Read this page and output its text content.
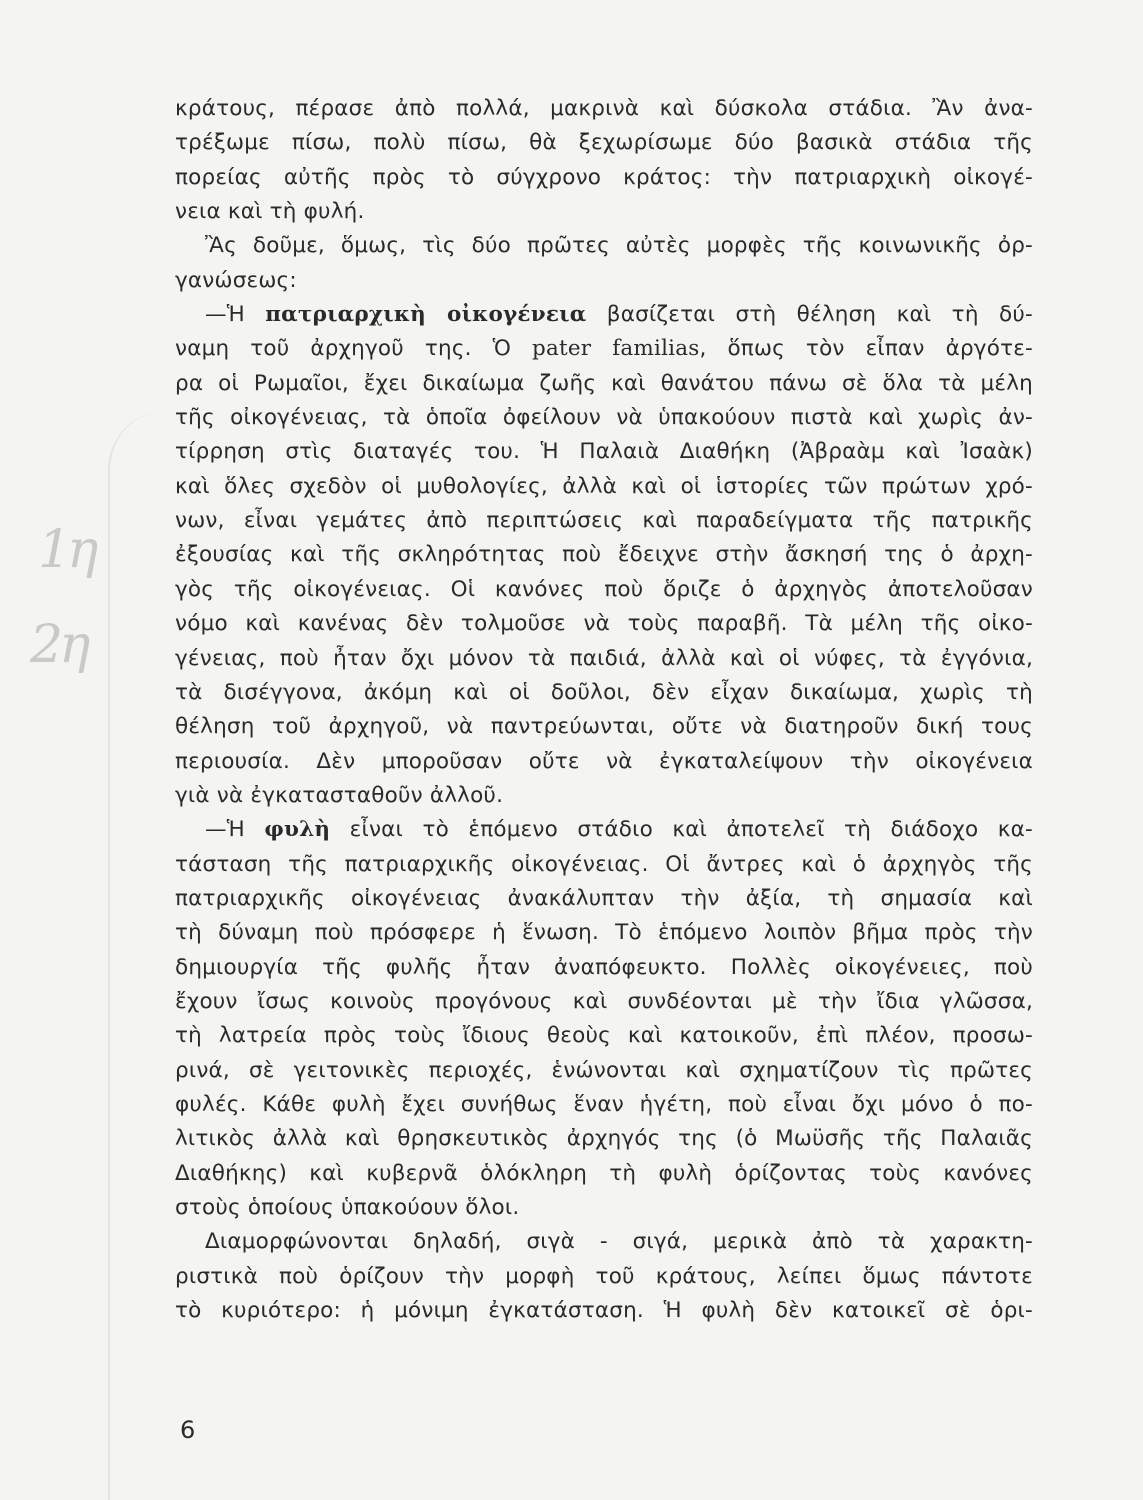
1η
2η
κράτους, πέρασε ἀπὸ πολλά, μακρινὰ καὶ δύσκολα στάδια. Ἂν ἀνα-
τρέξωμε πίσω, πολὺ πίσω, θὰ ξεχωρίσωμε δύο βασικὰ στάδια τῆς
πορείας αὐτῆς πρὸς τὸ σύγχρονο κράτος: τὴν πατριαρχικὴ οἰκογέ-
νεια καὶ τὴ φυλή.
Ἂς δοῦμε, ὅμως, τὶς δύο πρῶτες αὐτὲς μορφὲς τῆς κοινωνικῆς ὀρ-
γανώσεως:
—Ἡ πατριαρχικὴ οἰκογένεια βασίζεται στὴ θέληση καὶ τὴ δύ-
ναμη τοῦ ἀρχηγοῦ της. Ὁ pater familias, ὅπως τὸν εἶπαν ἀργότε-
ρα οἱ Ρωμαῖοι, ἔχει δικαίωμα ζωῆς καὶ θανάτου πάνω σὲ ὅλα τὰ μέλη
τῆς οἰκογένειας, τὰ ὁποῖα ὀφείλουν νὰ ὑπακούουν πιστὰ καὶ χωρὶς ἀν-
τίρρηση στὶς διαταγές του. Ἡ Παλαιὰ Διαθήκη (Ἀβραὰμ καὶ Ἰσαὰκ)
καὶ ὅλες σχεδὸν οἱ μυθολογίες, ἀλλὰ καὶ οἱ ἱστορίες τῶν πρώτων χρό-
νων, εἶναι γεμάτες ἀπὸ περιπτώσεις καὶ παραδείγματα τῆς πατρικῆς
ἐξουσίας καὶ τῆς σκληρότητας ποὺ ἔδειχνε στὴν ἄσκησή της ὁ ἀρχη-
γὸς τῆς οἰκογένειας. Οἱ κανόνες ποὺ ὅριζε ὁ ἀρχηγὸς ἀποτελοῦσαν
νόμο καὶ κανένας δὲν τολμοῦσε νὰ τοὺς παραβῆ. Τὰ μέλη τῆς οἰκο-
γένειας, ποὺ ἦταν ὄχι μόνον τὰ παιδιά, ἀλλὰ καὶ οἱ νύφες, τὰ ἐγγόνια,
τὰ δισέγγονα, ἀκόμη καὶ οἱ δοῦλοι, δὲν εἶχαν δικαίωμα, χωρὶς τὴ
θέληση τοῦ ἀρχηγοῦ, νὰ παντρεύωνται, οὔτε νὰ διατηροῦν δική τους
περιουσία. Δὲν μποροῦσαν οὔτε νὰ ἐγκαταλείψουν τὴν οἰκογένεια
γιὰ νὰ ἐγκατασταθοῦν ἀλλοῦ.
—Ἡ φυλὴ εἶναι τὸ ἑπόμενο στάδιο καὶ ἀποτελεῖ τὴ διάδοχο κα-
τάσταση τῆς πατριαρχικῆς οἰκογένειας. Οἱ ἄντρες καὶ ὁ ἀρχηγὸς τῆς
πατριαρχικῆς οἰκογένειας ἀνακάλυπταν τὴν ἀξία, τὴ σημασία καὶ
τὴ δύναμη ποὺ πρόσφερε ἡ ἕνωση. Τὸ ἑπόμενο λοιπὸν βῆμα πρὸς τὴν
δημιουργία τῆς φυλῆς ἦταν ἀναπόφευκτο. Πολλὲς οἰκογένειες, ποὺ
ἔχουν ἴσως κοινοὺς προγόνους καὶ συνδέονται μὲ τὴν ἴδια γλῶσσα,
τὴ λατρεία πρὸς τοὺς ἴδιους θεοὺς καὶ κατοικοῦν, ἐπὶ πλέον, προσω-
ρινά, σὲ γειτονικὲς περιοχές, ἑνώνονται καὶ σχηματίζουν τὶς πρῶτες
φυλές. Κάθε φυλὴ ἔχει συνήθως ἕναν ἡγέτη, ποὺ εἶναι ὄχι μόνο ὁ πο-
λιτικὸς ἀλλὰ καὶ θρησκευτικὸς ἀρχηγός της (ὁ Μωϋσῆς τῆς Παλαιᾶς
Διαθήκης) καὶ κυβερνᾶ ὁλόκληρη τὴ φυλὴ ὁρίζοντας τοὺς κανόνες
στοὺς ὁποίους ὑπακούουν ὅλοι.
Διαμορφώνονται δηλαδή, σιγὰ - σιγά, μερικὰ ἀπὸ τὰ χαρακτη-
ριστικὰ ποὺ ὁρίζουν τὴν μορφὴ τοῦ κράτους, λείπει ὅμως πάντοτε
τὸ κυριότερο: ἡ μόνιμη ἐγκατάσταση. Ἡ φυλὴ δὲν κατοικεῖ σὲ ὁρι-
6
